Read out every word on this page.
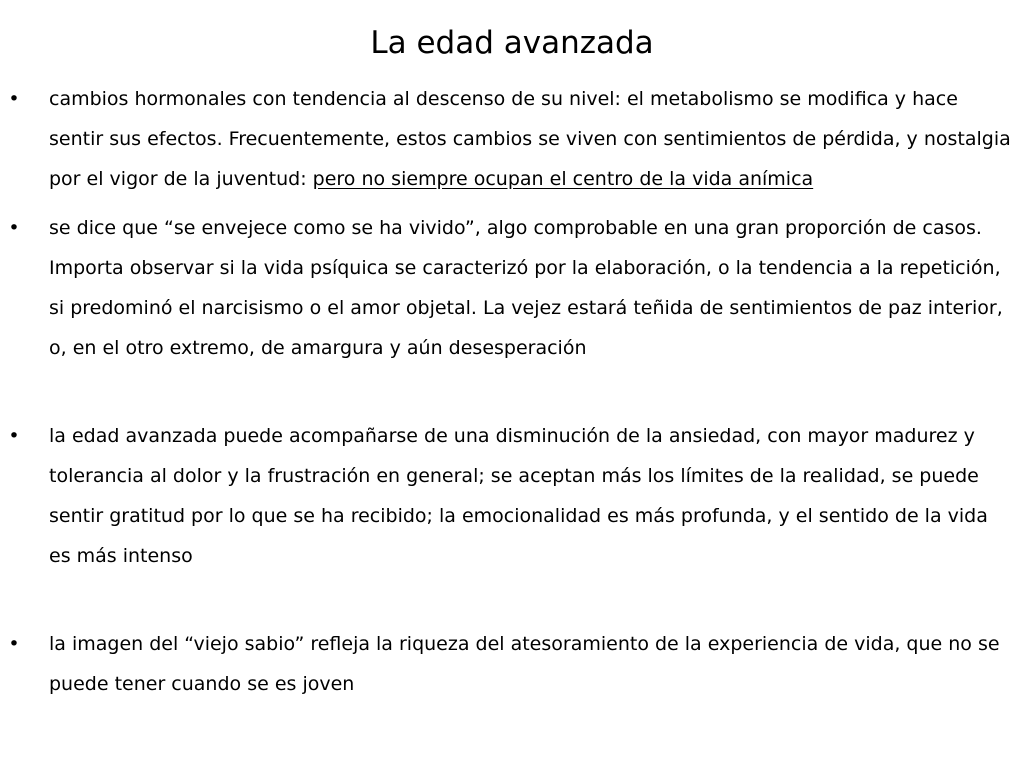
La edad avanzada
• cambios hormonales con tendencia al descenso de su nivel: el metabolismo se modifica y hace sentir sus efectos. Frecuentemente, estos cambios se viven con sentimientos de pérdida, y nostalgia por el vigor de la juventud: pero no siempre ocupan el centro de la vida anímica
• se dice que “se envejece como se ha vivido”, algo comprobable en una gran proporción de casos. Importa observar si la vida psíquica se caracterizó por la elaboración, o la tendencia a la repetición, si predominó el narcisismo o el amor objetal. La vejez estará teñida de sentimientos de paz interior, o, en el otro extremo, de amargura y aún desesperación
• la edad avanzada puede acompañarse de una disminución de la ansiedad, con mayor madurez y tolerancia al dolor y la frustración en general; se aceptan más los límites de la realidad, se puede sentir gratitud por lo que se ha recibido; la emocionalidad es más profunda, y el sentido de la vida es más intenso
• la imagen del “viejo sabio” refleja la riqueza del atesoramiento de la experiencia de vida, que no se puede tener cuando se es joven
